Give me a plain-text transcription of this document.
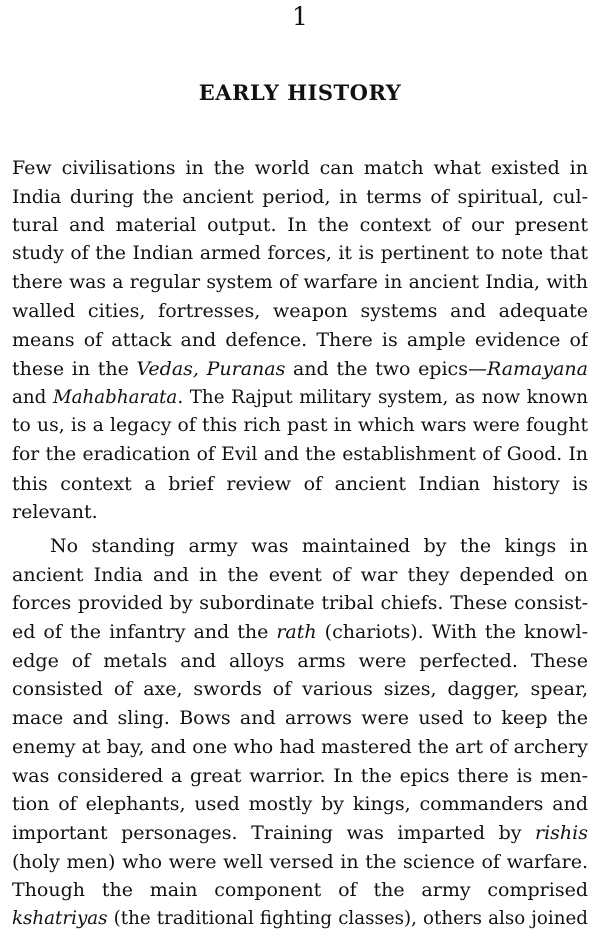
1
EARLY HISTORY
Few civilisations in the world can match what existed in
India during the ancient period, in terms of spiritual, cul-
tural and material output. In the context of our present
study of the Indian armed forces, it is pertinent to note that
there was a regular system of warfare in ancient India, with
walled cities, fortresses, weapon systems and adequate
means of attack and defence. There is ample evidence of
these in the Vedas, Puranas and the two epics—Ramayana
and Mahabharata. The Rajput military system, as now known
to us, is a legacy of this rich past in which wars were fought
for the eradication of Evil and the establishment of Good. In
this context a brief review of ancient Indian history is
relevant.
No standing army was maintained by the kings in
ancient India and in the event of war they depended on
forces provided by subordinate tribal chiefs. These consist-
ed of the infantry and the rath (chariots). With the knowl-
edge of metals and alloys arms were perfected. These
consisted of axe, swords of various sizes, dagger, spear,
mace and sling. Bows and arrows were used to keep the
enemy at bay, and one who had mastered the art of archery
was considered a great warrior. In the epics there is men-
tion of elephants, used mostly by kings, commanders and
important personages. Training was imparted by rishis
(holy men) who were well versed in the science of warfare.
Though the main component of the army comprised
kshatriyas (the traditional fighting classes), others also joined
